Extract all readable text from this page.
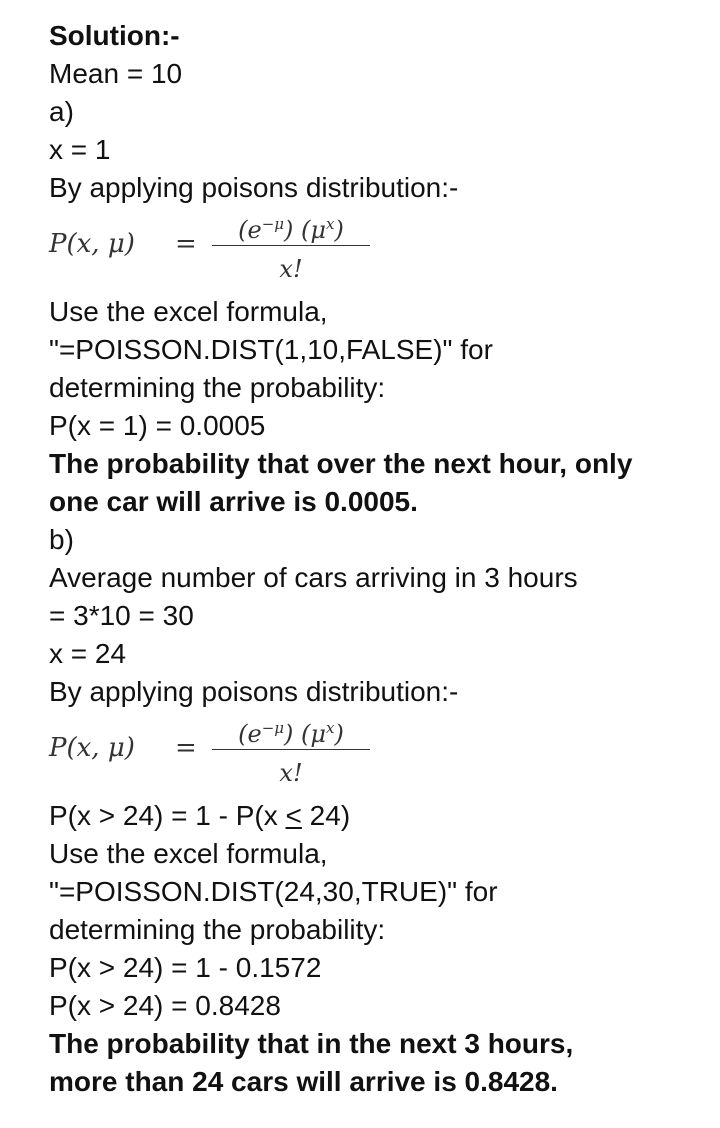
Solution:-
Mean = 10
a)
x = 1
By applying poisons distribution:-
P(x, μ) =	$(e^{-\mu})$ $(\mu^x)$
x!
Use the excel formula,
"=POISSON.DIST(1,10,FALSE)" for
determining the probability:
P(x = 1) = 0.0005
The probability that over the next hour, only
one car will arrive is 0.0005.
b)
Average number of cars arriving in 3 hours
= 3*10 = 30
x = 24
By applying poisons distribution:-
P(x, μ) =	$(e^{-\mu})$ $(\mu^x)$
x!
P(x > 24) = 1 - P(x ≤ 24)
Use the excel formula,
"=POISSON.DIST(24,30,TRUE)" for
determining the probability:
P(x > 24) = 1 - 0.1572
P(x > 24) = 0.8428
The probability that in the next 3 hours,
more than 24 cars will arrive is 0.8428.
